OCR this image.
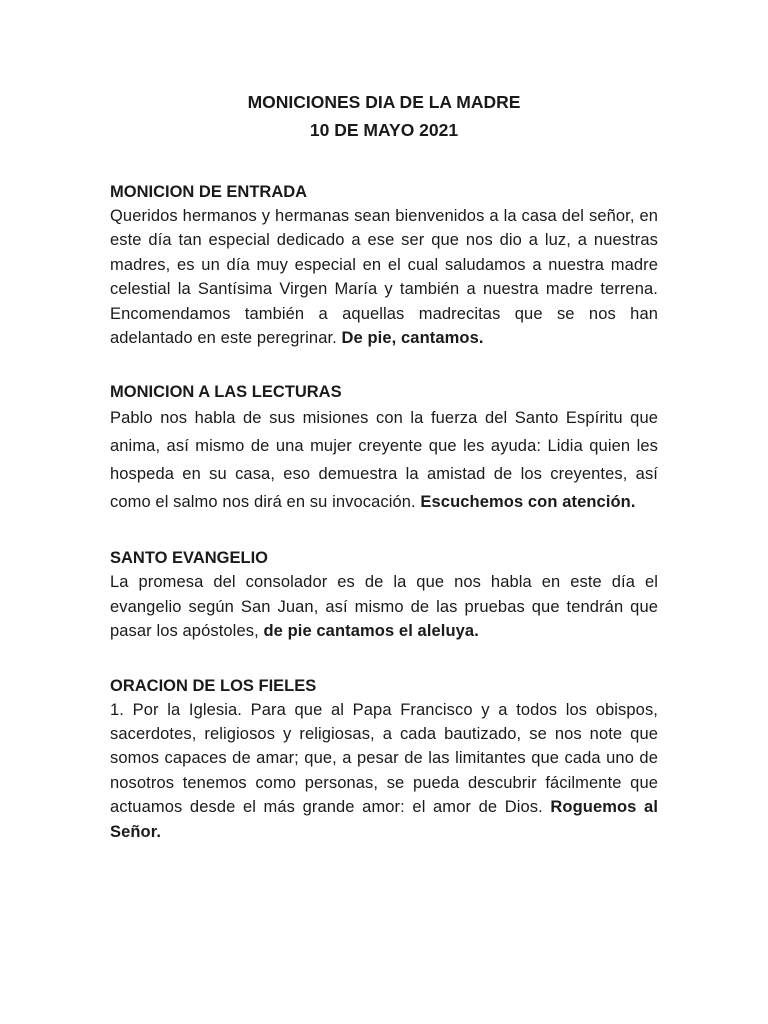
MONICIONES DIA DE LA MADRE

10 DE MAYO 2021

MONICION DE ENTRADA

Queridos hermanos y hermanas sean bienvenidos a la casa del señor, en este día tan especial dedicado a ese ser que nos dio a luz, a nuestras madres, es un día muy especial en el cual saludamos a nuestra madre celestial la Santísima Virgen María y también a nuestra madre terrena. Encomendamos también a aquellas madrecitas que se nos han adelantado en este peregrinar. De pie, cantamos.

MONICION A LAS LECTURAS

Pablo nos habla de sus misiones con la fuerza del Santo Espíritu que anima, así mismo de una mujer creyente que les ayuda: Lidia quien les hospeda en su casa, eso demuestra la amistad de los creyentes, así como el salmo nos dirá en su invocación. Escuchemos con atención.

SANTO EVANGELIO

La promesa del consolador es de la que nos habla en este día el evangelio según San Juan, así mismo de las pruebas que tendrán que pasar los apóstoles, de pie cantamos el aleluya.

ORACION DE LOS FIELES

1. Por la Iglesia. Para que al Papa Francisco y a todos los obispos, sacerdotes, religiosos y religiosas, a cada bautizado, se nos note que somos capaces de amar; que, a pesar de las limitantes que cada uno de nosotros tenemos como personas, se pueda descubrir fácilmente que actuamos desde el más grande amor: el amor de Dios. Roguemos al Señor.
